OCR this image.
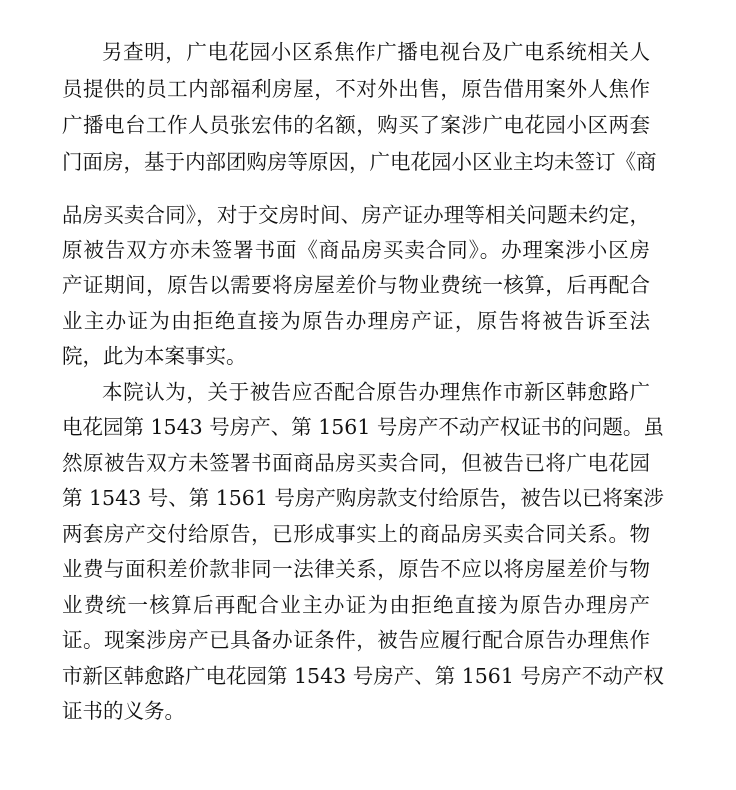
另查明，广电花园小区系焦作广播电视台及广电系统相关人
员提供的员工内部福利房屋，不对外出售，原告借用案外人焦作
广播电台工作人员张宏伟的名额，购买了案涉广电花园小区两套
门面房，基于内部团购房等原因，广电花园小区业主均未签订《商
品房买卖合同》，对于交房时间、房产证办理等相关问题未约定，
原被告双方亦未签署书面《商品房买卖合同》。办理案涉小区房
产证期间，原告以需要将房屋差价与物业费统一核算，后再配合
业主办证为由拒绝直接为原告办理房产证，原告将被告诉至法
院，此为本案事实。
本院认为，关于被告应否配合原告办理焦作市新区韩愈路广
电花园第 1543 号房产、第 1561 号房产不动产权证书的问题。虽
然原被告双方未签署书面商品房买卖合同，但被告已将广电花园
第 1543 号、第 1561 号房产购房款支付给原告，被告以已将案涉
两套房产交付给原告，已形成事实上的商品房买卖合同关系。物
业费与面积差价款非同一法律关系，原告不应以将房屋差价与物
业费统一核算后再配合业主办证为由拒绝直接为原告办理房产
证。现案涉房产已具备办证条件，被告应履行配合原告办理焦作
市新区韩愈路广电花园第 1543 号房产、第 1561 号房产不动产权
证书的义务。
